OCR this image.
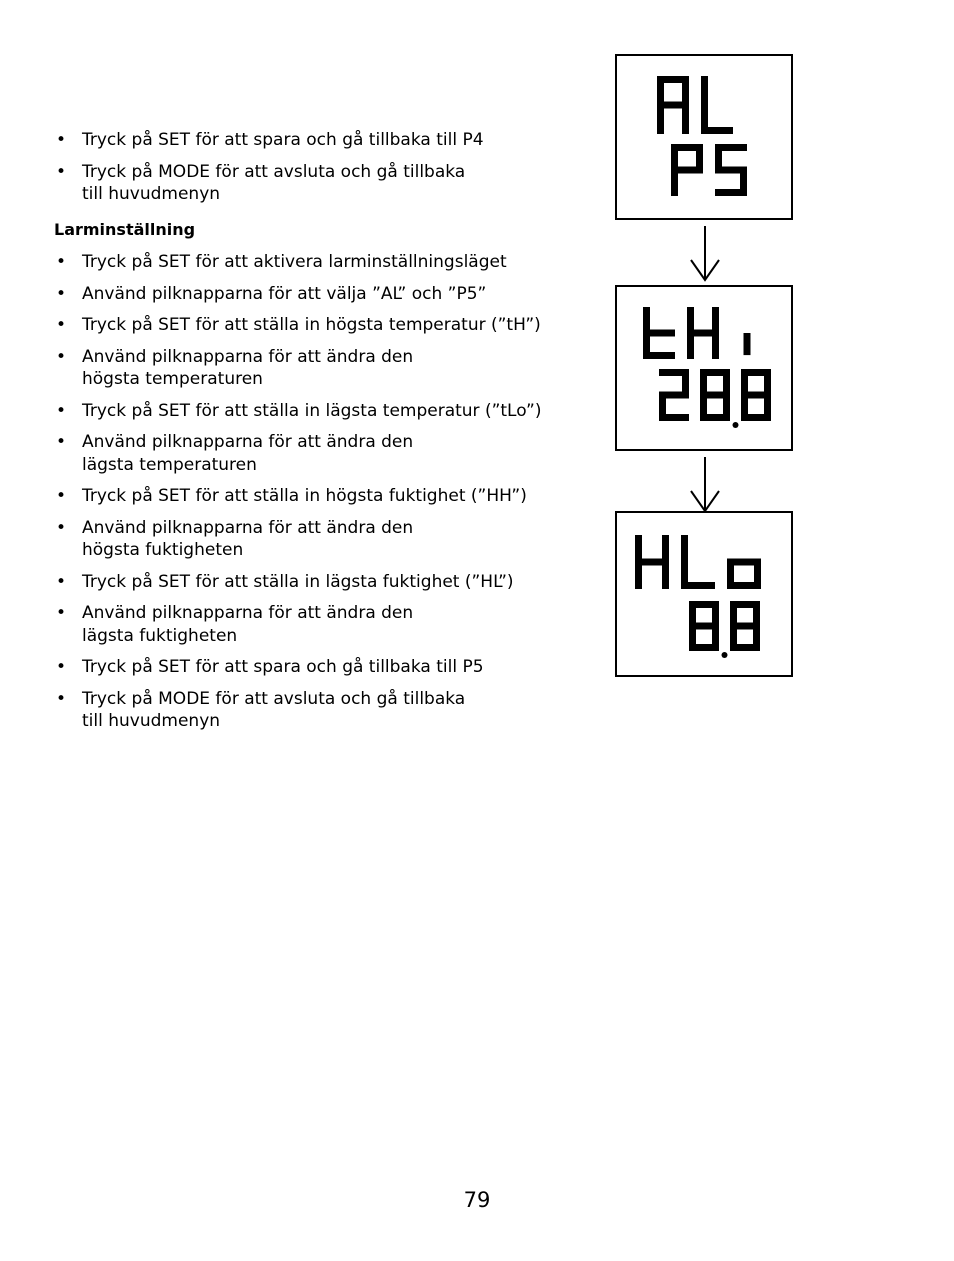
• Tryck på SET för att spara och gå tillbaka till P4
• Tryck på MODE för att avsluta och gå tillbaka
till huvudmenyn
Larminställning
• Tryck på SET för att aktivera larminställningsläget
• Använd pilknapparna för att välja ”AL” och ”P5”
• Tryck på SET för att ställa in högsta temperatur (”tH”)
• Använd pilknapparna för att ändra den
högsta temperaturen
• Tryck på SET för att ställa in lägsta temperatur (”tLo”)
• Använd pilknapparna för att ändra den
lägsta temperaturen
• Tryck på SET för att ställa in högsta fuktighet (”HH”)
• Använd pilknapparna för att ändra den
högsta fuktigheten
• Tryck på SET för att ställa in lägsta fuktighet (”HL”)
• Använd pilknapparna för att ändra den
lägsta fuktigheten
• Tryck på SET för att spara och gå tillbaka till P5
• Tryck på MODE för att avsluta och gå tillbaka
till huvudmenyn
79
